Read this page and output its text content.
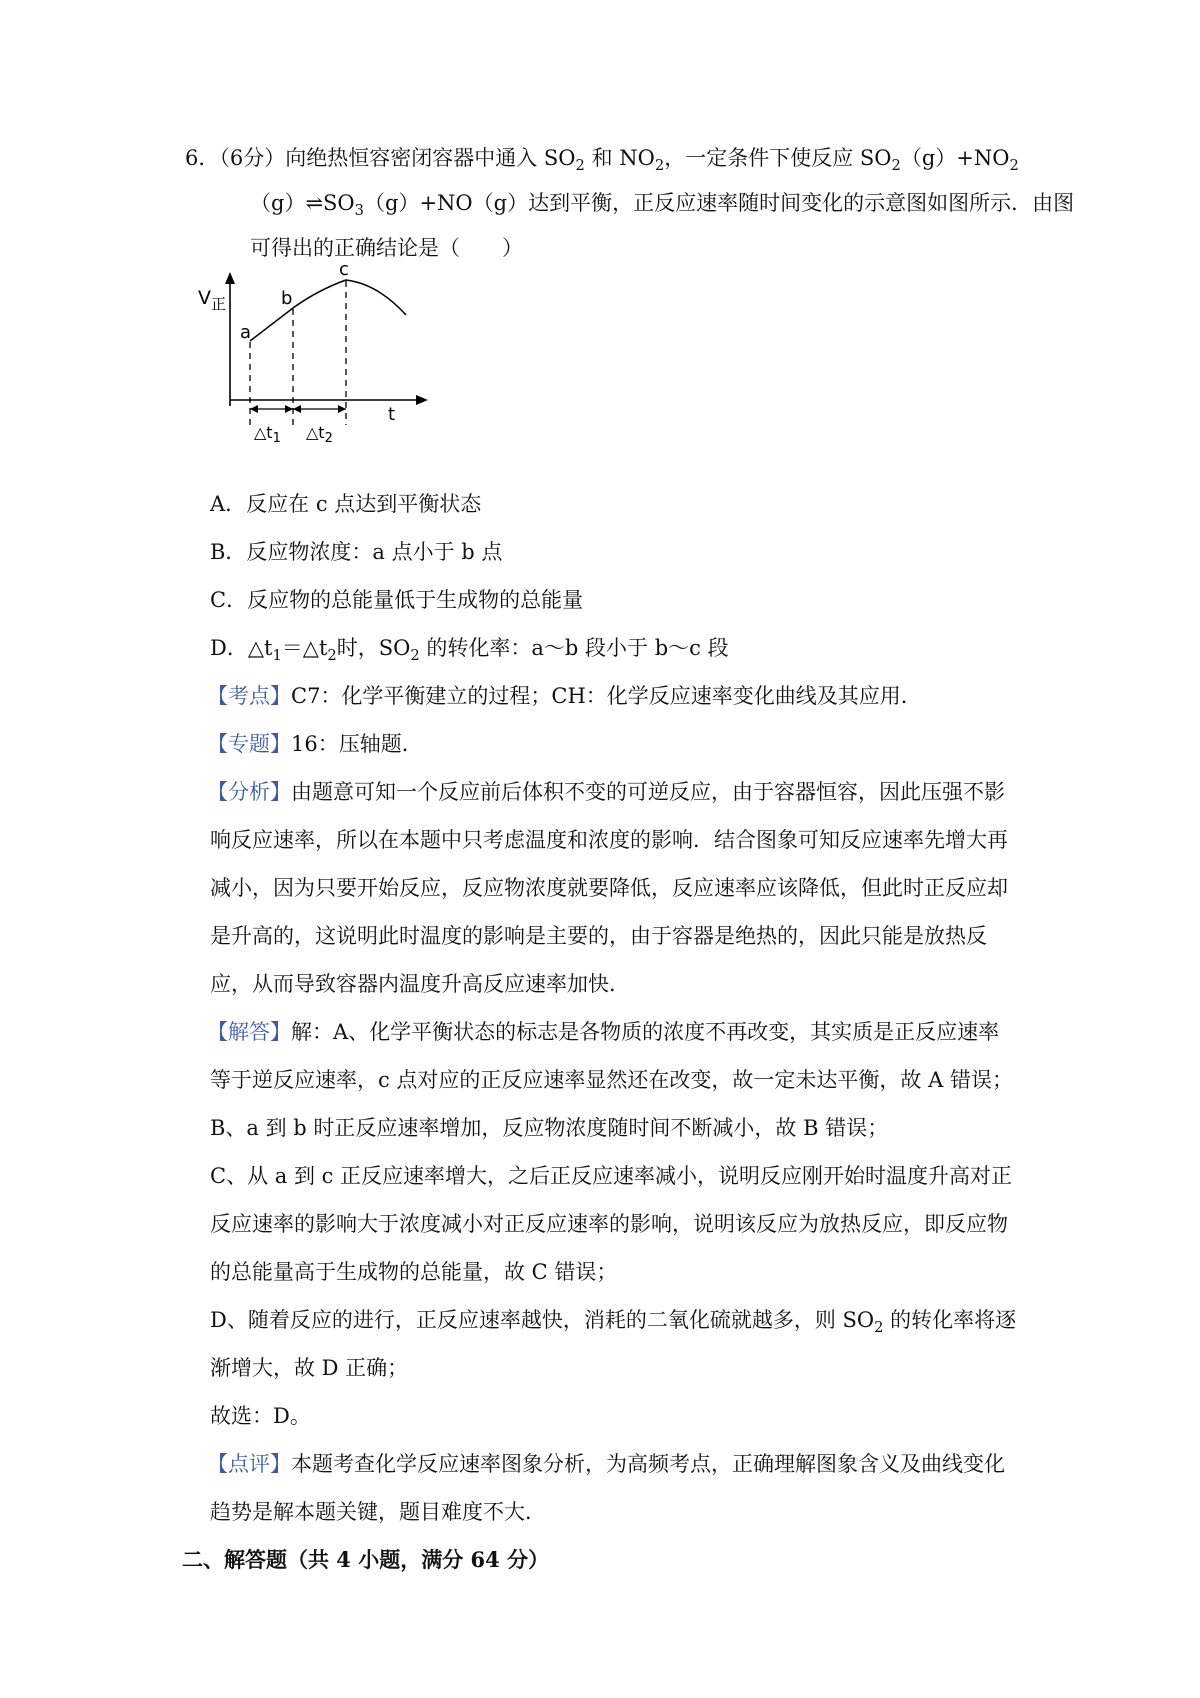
6．（6分）向绝热恒容密闭容器中通入 $SO_2$ 和 $NO_2$，一定条件下使反应 $SO_2(g)+NO_2$
$(g)\rightleftharpoons SO_3(g)+NO(g)$达到平衡，正反应速率随时间变化的示意图如图所示．由图
可得出的正确结论是（　　）
$V_正$
a
b
c
t
$\triangle t_1$ $\triangle t_2$
A．反应在 c 点达到平衡状态
B．反应物浓度：a 点小于 b 点
C．反应物的总能量低于生成物的总能量
D．$\triangle t_1=\triangle t_2$时，$SO_2$ 的转化率：a～b 段小于 b～c 段
【考点】C7：化学平衡建立的过程；CH：化学反应速率变化曲线及其应用．
【专题】16：压轴题．
【分析】由题意可知一个反应前后体积不变的可逆反应，由于容器恒容，因此压强不影
响反应速率，所以在本题中只考虑温度和浓度的影响．结合图象可知反应速率先增大再
减小，因为只要开始反应，反应物浓度就要降低，反应速率应该降低，但此时正反应却
是升高的，这说明此时温度的影响是主要的，由于容器是绝热的，因此只能是放热反
应，从而导致容器内温度升高反应速率加快．
【解答】解：A、化学平衡状态的标志是各物质的浓度不再改变，其实质是正反应速率
等于逆反应速率，c 点对应的正反应速率显然还在改变，故一定未达平衡，故 A 错误；
B、a 到 b 时正反应速率增加，反应物浓度随时间不断减小，故 B 错误；
C、从 a 到 c 正反应速率增大，之后正反应速率减小，说明反应刚开始时温度升高对正
反应速率的影响大于浓度减小对正反应速率的影响，说明该反应为放热反应，即反应物
的总能量高于生成物的总能量，故 C 错误；
D、随着反应的进行，正反应速率越快，消耗的二氧化硫就越多，则 $SO_2$ 的转化率将逐
渐增大，故 D 正确；
故选：D。
【点评】本题考查化学反应速率图象分析，为高频考点，正确理解图象含义及曲线变化
趋势是解本题关键，题目难度不大．
二、解答题（共 4 小题，满分 64 分）
